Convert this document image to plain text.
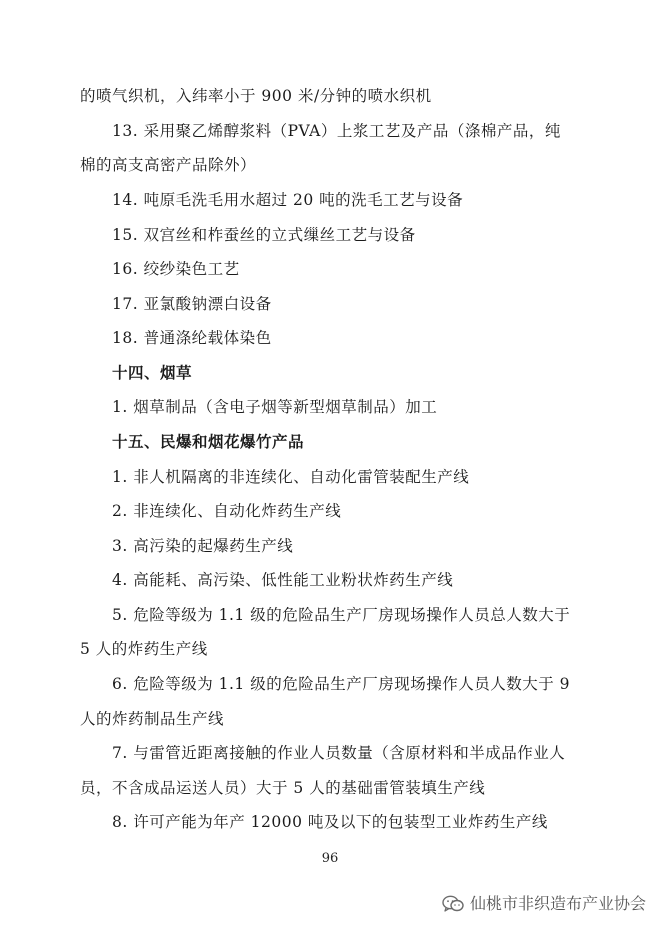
的喷气织机，入纬率小于 900 米/分钟的喷水织机
13. 采用聚乙烯醇浆料（PVA）上浆工艺及产品（涤棉产品，纯
棉的高支高密产品除外）
14. 吨原毛洗毛用水超过 20 吨的洗毛工艺与设备
15. 双宫丝和柞蚕丝的立式缫丝工艺与设备
16. 绞纱染色工艺
17. 亚氯酸钠漂白设备
18. 普通涤纶载体染色
十四、烟草
1. 烟草制品（含电子烟等新型烟草制品）加工
十五、民爆和烟花爆竹产品
1. 非人机隔离的非连续化、自动化雷管装配生产线
2. 非连续化、自动化炸药生产线
3. 高污染的起爆药生产线
4. 高能耗、高污染、低性能工业粉状炸药生产线
5. 危险等级为 1.1 级的危险品生产厂房现场操作人员总人数大于
5 人的炸药生产线
6. 危险等级为 1.1 级的危险品生产厂房现场操作人员人数大于 9
人的炸药制品生产线
7. 与雷管近距离接触的作业人员数量（含原材料和半成品作业人
员，不含成品运送人员）大于 5 人的基础雷管装填生产线
8. 许可产能为年产 12000 吨及以下的包装型工业炸药生产线
96
仙桃市非织造布产业协会
